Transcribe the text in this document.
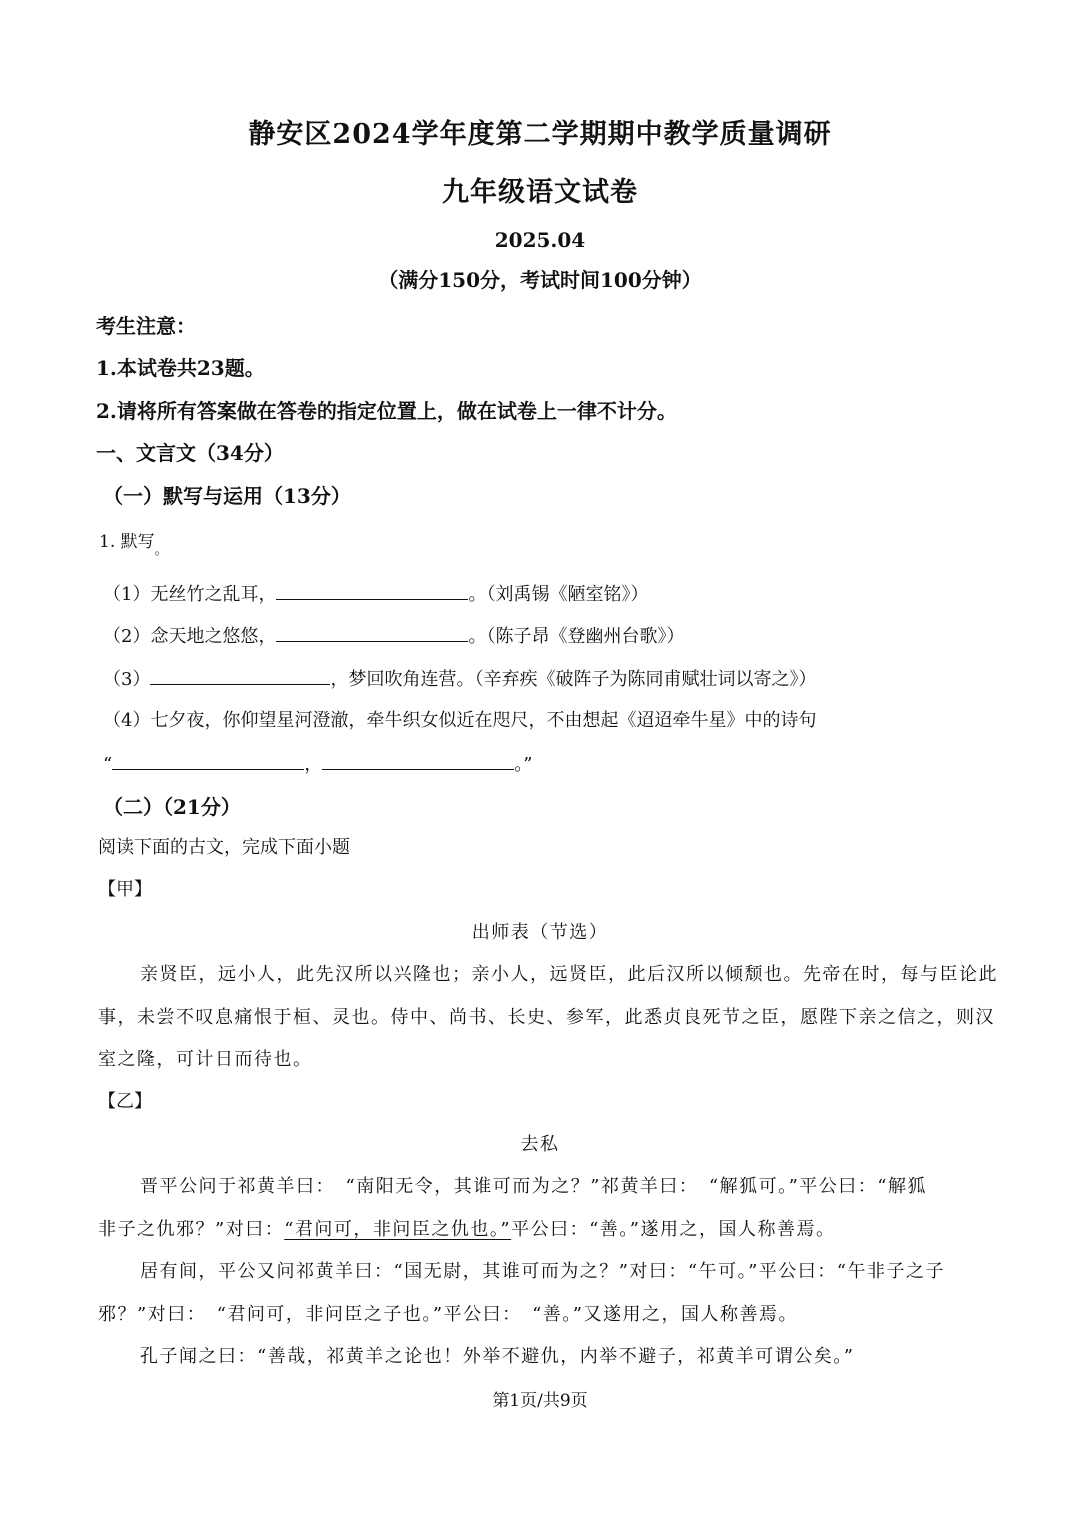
静安区2024学年度第二学期期中教学质量调研
九年级语文试卷
2025.04
（满分150分，考试时间100分钟）
考生注意：
1.本试卷共23题。
2.请将所有答案做在答卷的指定位置上，做在试卷上一律不计分。
一、文言文（34分）
（一）默写与运用（13分）
1. 默写$_。$
（1）无丝竹之乱耳，	。（刘禹锡《陋室铭》）
（2）念天地之悠悠，	。（陈子昂《登幽州台歌》）
（3）	，梦回吹角连营。（辛弃疾《破阵子为陈同甫赋壮词以寄之》）
（4）七夕夜，你仰望星河澄澈，牵牛织女似近在咫尺，不由想起《迢迢牵牛星》中的诗句
“	，	。”
（二）（21分）
阅读下面的古文，完成下面小题
【甲】
出师表（节选）
亲贤臣，远小人，此先汉所以兴隆也；亲小人，远贤臣，此后汉所以倾颓也。先帝在时，每与臣论此
事，未尝不叹息痛恨于桓、灵也。侍中、尚书、长史、参军，此悉贞良死节之臣，愿陛下亲之信之，则汉
室之隆，可计日而待也。
【乙】
去私
晋平公问于祁黄羊曰：　“南阳无令，其谁可而为之？”祁黄羊曰：　“解狐可。”平公曰：“解狐
非子之仇邪？”对曰：“君问可，非问臣之仇也。”平公曰：“善。”遂用之，国人称善焉。
居有间，平公又问祁黄羊曰：“国无尉，其谁可而为之？”对曰：“午可。”平公曰：“午非子之子
邪？”对曰：　“君问可，非问臣之子也。”平公曰：　“善。”又遂用之，国人称善焉。
孔子闻之曰：“善哉，祁黄羊之论也！外举不避仇，内举不避子，祁黄羊可谓公矣。”
第1页/共9页
